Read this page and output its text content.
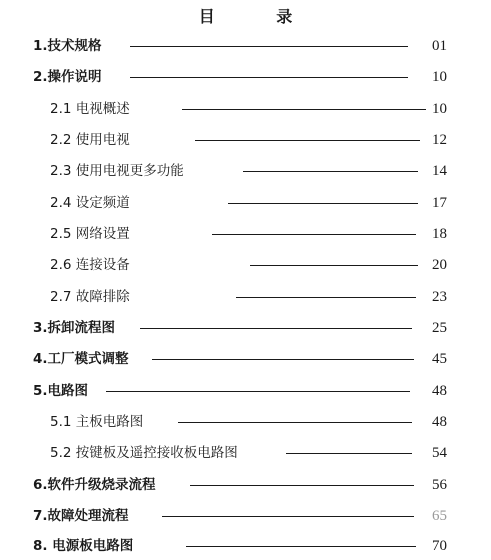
目 录
1.技术规格	01
2.操作说明	10
2.1 电视概述	10
2.2 使用电视	12
2.3 使用电视更多功能	14
2.4 设定频道	17
2.5 网络设置	18
2.6 连接设备	20
2.7 故障排除	23
3.拆卸流程图	25
4.工厂模式调整	45
5.电路图	48
5.1 主板电路图	48
5.2 按键板及遥控接收板电路图	54
6.软件升级烧录流程	56
7.故障处理流程	65
8. 电源板电路图	70
